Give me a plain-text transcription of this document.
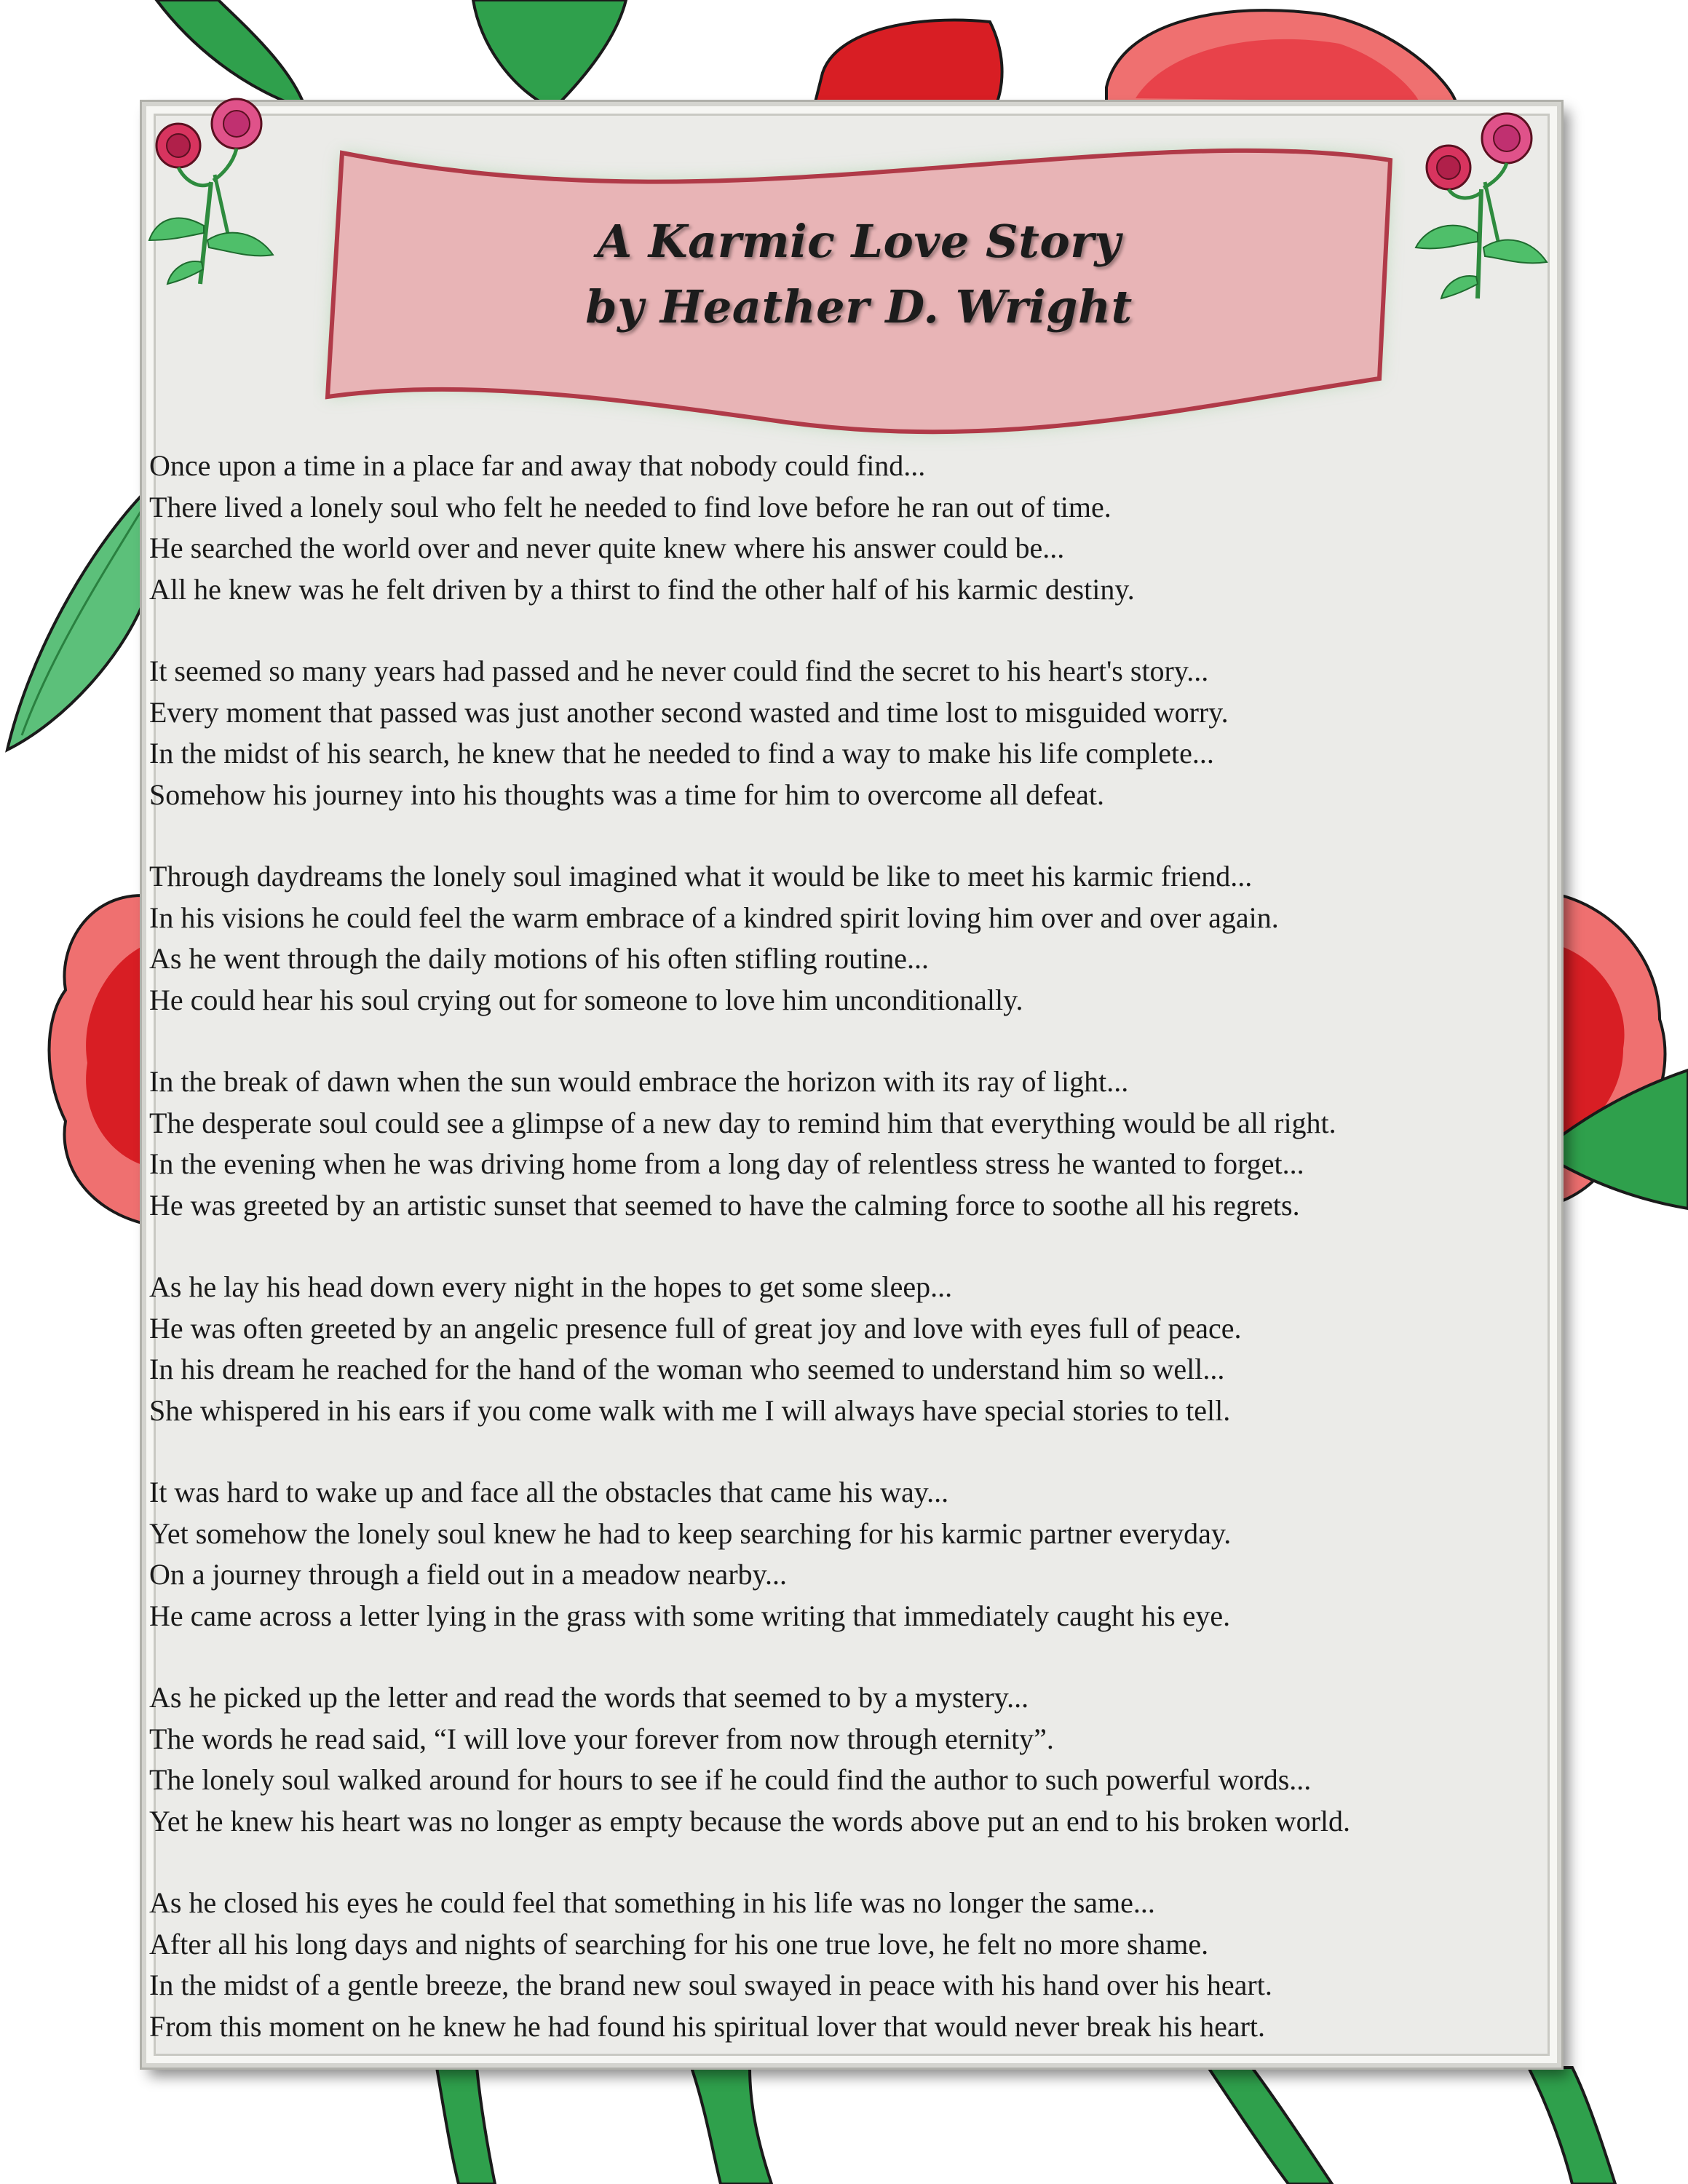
A Karmic Love Story
by Heather D. Wright
Once upon a time in a place far and away that nobody could find...
There lived a lonely soul who felt he needed to find love before he ran out of time.
He searched the world over and never quite knew where his answer could be...
All he knew was he felt driven by a thirst to find the other half of his karmic destiny.
It seemed so many years had passed and he never could find the secret to his heart's story...
Every moment that passed was just another second wasted and time lost to misguided worry.
In the midst of his search, he knew that he needed to find a way to make his life complete...
Somehow his journey into his thoughts was a time for him to overcome all defeat.
Through daydreams the lonely soul imagined what it would be like to meet his karmic friend...
In his visions he could feel the warm embrace of a kindred spirit loving him over and over again.
As he went through the daily motions of his often stifling routine...
He could hear his soul crying out for someone to love him unconditionally.
In the break of dawn when the sun would embrace the horizon with its ray of light...
The desperate soul could see a glimpse of a new day to remind him that everything would be all right.
In the evening when he was driving home from a long day of relentless stress he wanted to forget...
He was greeted by an artistic sunset that seemed to have the calming force to soothe all his regrets.
As he lay his head down every night in the hopes to get some sleep...
He was often greeted by an angelic presence full of great joy and love with eyes full of peace.
In his dream he reached for the hand of the woman who seemed to understand him so well...
She whispered in his ears if you come walk with me I will always have special stories to tell.
It was hard to wake up and face all the obstacles that came his way...
Yet somehow the lonely soul knew he had to keep searching for his karmic partner everyday.
On a journey through a field out in a meadow nearby...
He came across a letter lying in the grass with some writing that immediately caught his eye.
As he picked up the letter and read the words that seemed to by a mystery...
The words he read said, “I will love your forever from now through eternity”.
The lonely soul walked around for hours to see if he could find the author to such powerful words...
Yet he knew his heart was no longer as empty because the words above put an end to his broken world.
As he closed his eyes he could feel that something in his life was no longer the same...
After all his long days and nights of searching for his one true love, he felt no more shame.
In the midst of a gentle breeze, the brand new soul swayed in peace with his hand over his heart.
From this moment on he knew he had found his spiritual lover that would never break his heart.
